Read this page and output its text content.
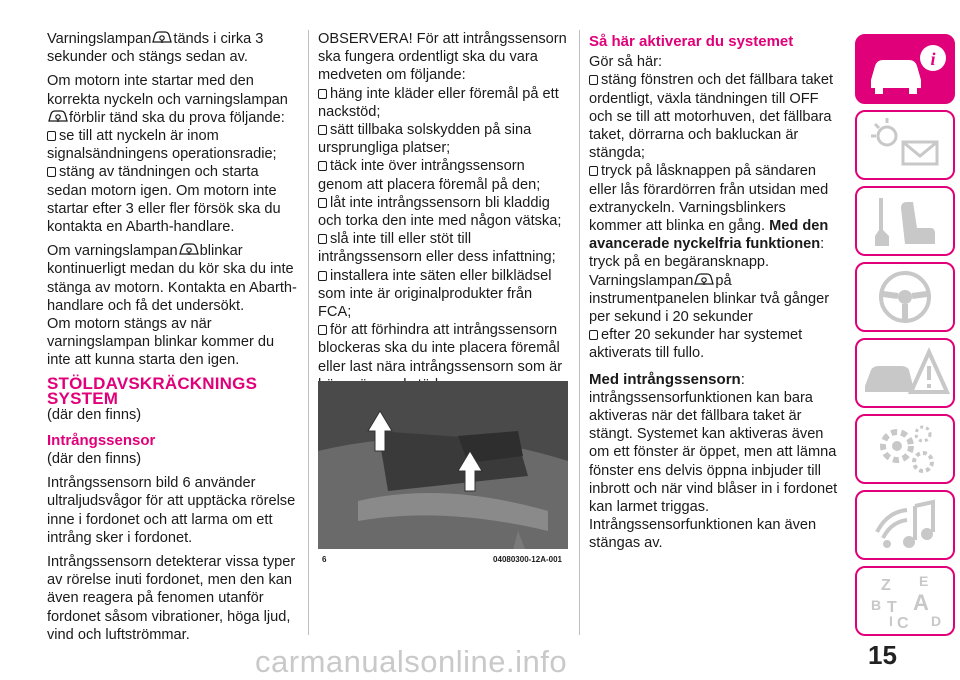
Varningslampan tänds i cirka 3 sekunder och stängs sedan av.

Om motorn inte startar med den korrekta nyckeln och varningslampan förblir tänd ska du prova följande:
se till att nyckeln är inom signalsändningens operationsradie;
stäng av tändningen och starta sedan motorn igen. Om motorn inte startar efter 3 eller fler försök ska du kontakta en Abarth-handlare.

Om varningslampan blinkar kontinuerligt medan du kör ska du inte stänga av motorn. Kontakta en Abarth-handlare och få det undersökt.
Om motorn stängs av när varningslampan blinkar kommer du inte att kunna starta den igen.

STÖLDAVSKRÄCKNINGS SYSTEM

(där den finns)

Intrångssensor

(där den finns)

Intrångssensorn bild 6 använder ultraljudsvågor för att upptäcka rörelse inne i fordonet och att larma om ett intrång sker i fordonet.

Intrångssensorn detekterar vissa typer av rörelse inuti fordonet, men den kan även reagera på fenomen utanför fordonet såsom vibrationer, höga ljud, vind och luftströmmar.

OBSERVERA! För att intrångssensorn ska fungera ordentligt ska du vara medveten om följande:

häng inte kläder eller föremål på ett nackstöd;
sätt tillbaka solskydden på sina ursprungliga platser;
täck inte över intrångssensorn genom att placera föremål på den;
låt inte intrångssensorn bli kladdig och torka den inte med någon vätska;
slå inte till eller stöt till intrångssensorn eller dess infattning;
installera inte säten eller bilklädsel som inte är originalprodukter från FCA;
för att förhindra att intrångssensorn blockeras ska du inte placera föremål eller last nära intrångssensorn som är
6	04080300-12A-001
Så här aktiverar du systemet

Gör så här:

stäng fönstren och det fällbara taket ordentligt, växla tändningen till OFF och se till att motorhuven, det fällbara taket, dörrarna och bakluckan är stängda;
tryck på låsknappen på sändaren eller lås förardörren från utsidan med extranyckeln. Varningsblinkers kommer att blinka en gång. Med den avancerade nyckelfria funktionen:
tryck på en begäransknapp.
Varningslampan på instrumentpanelen blinkar två gånger per sekund i 20 sekunder
efter 20 sekunder har systemet aktiverats till fullo.
Med intrångssensorn:
intrångssensorfunktionen kan bara aktiveras när det fällbara taket är stängt. Systemet kan aktiveras även om ett fönster är öppet, men att lämna fönster ens delvis öppna inbjuder till inbrott och när vind blåser in i fordonet kan larmet triggas.
Intrångssensorfunktionen kan även stängas av.
i
Z E
B A
I C
T
D
15
carmanualsonline.info
